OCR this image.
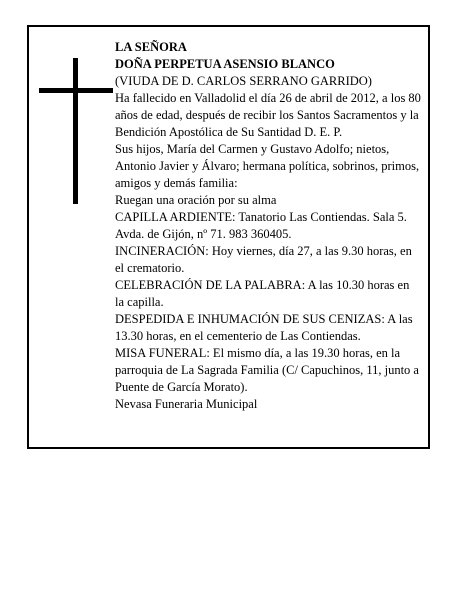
LA SEÑORA

DOÑA PERPETUA ASENSIO BLANCO

(VIUDA DE D. CARLOS SERRANO GARRIDO)

Ha fallecido en Valladolid el día 26 de abril de 2012, a los 80 años de edad, después de recibir los Santos Sacramentos y la Bendición Apostólica de Su Santidad D. E. P.

Sus hijos, María del Carmen y Gustavo Adolfo; nietos, Antonio Javier y Álvaro; hermana política, sobrinos, primos, amigos y demás familia:

Ruegan una oración por su alma

CAPILLA ARDIENTE: Tanatorio Las Contiendas. Sala 5. Avda. de Gijón, nº 71. 983 360405.

INCINERACIÓN: Hoy viernes, día 27, a las 9.30 horas, en el crematorio.

CELEBRACIÓN DE LA PALABRA: A las 10.30 horas en la capilla.

DESPEDIDA E INHUMACIÓN DE SUS CENIZAS: A las 13.30 horas, en el cementerio de Las Contiendas.

MISA FUNERAL: El mismo día, a las 19.30 horas, en la parroquia de La Sagrada Familia (C/ Capuchinos, 11, junto a Puente de García Morato).

Nevasa Funeraria Municipal
